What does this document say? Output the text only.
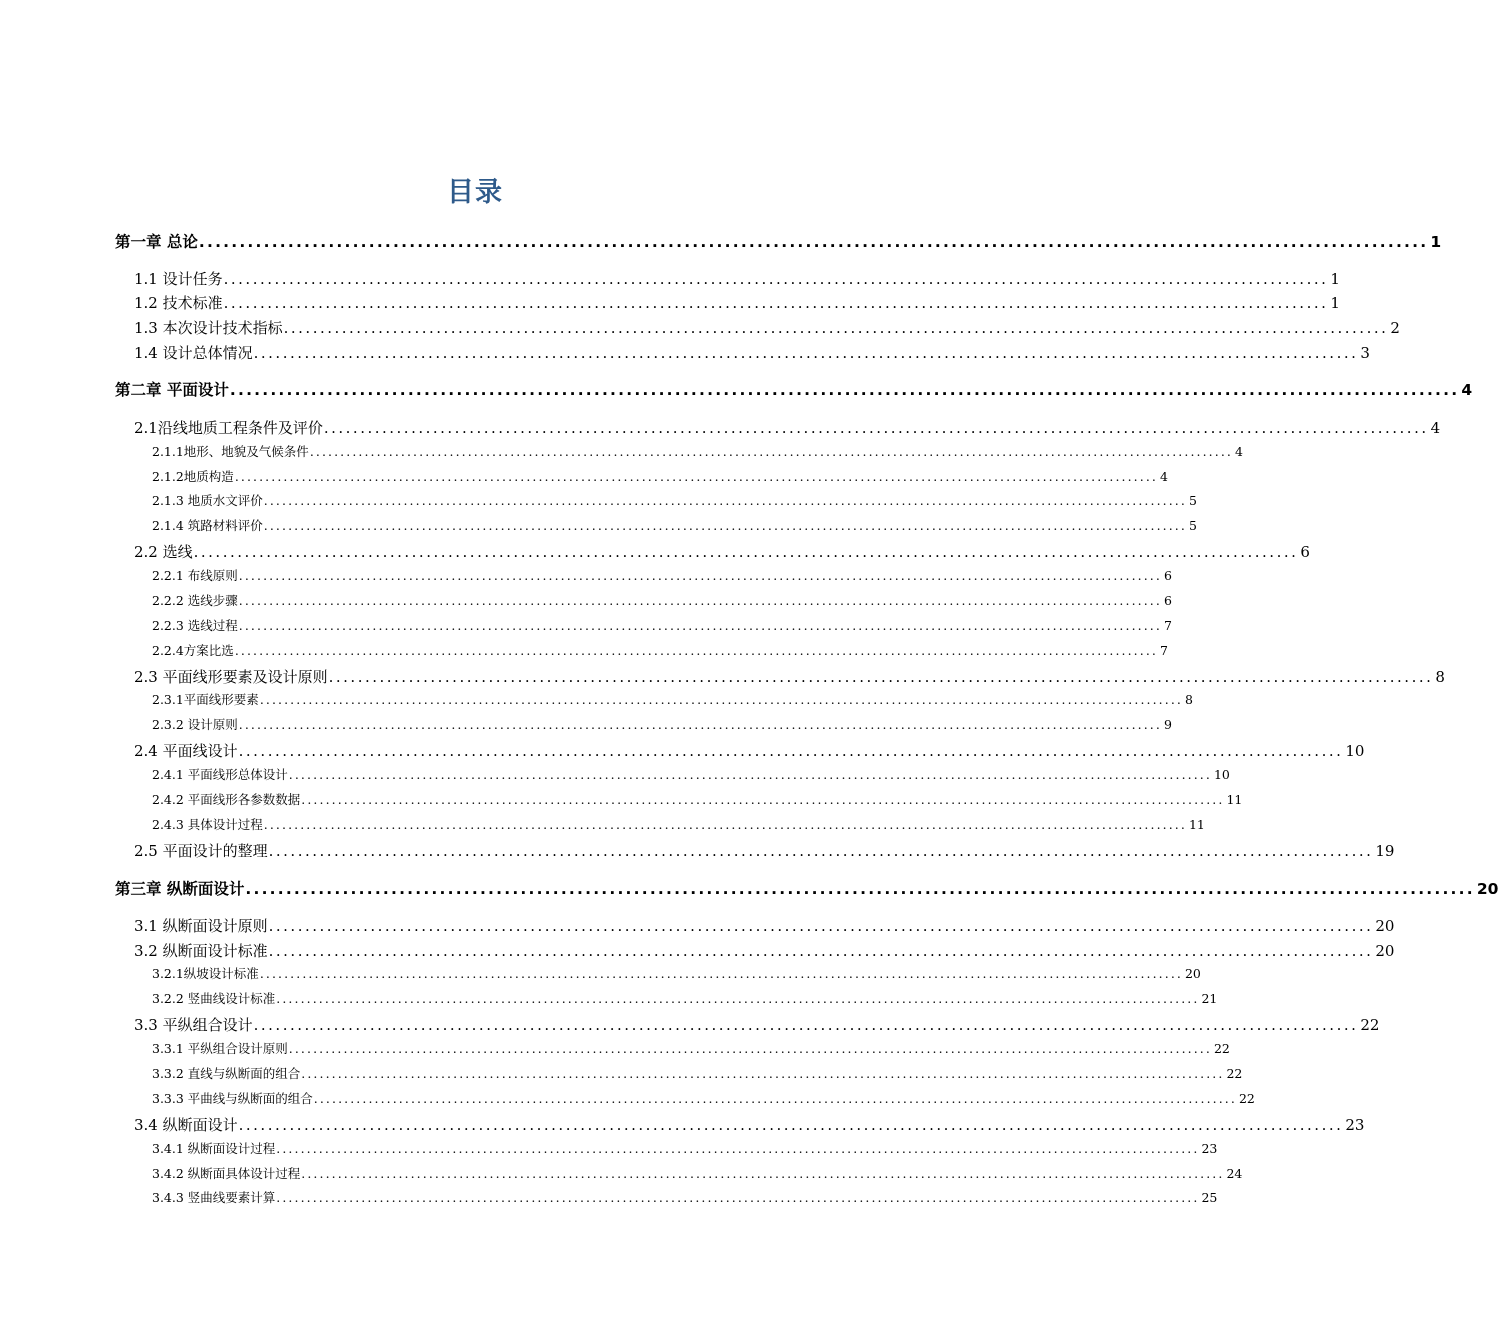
目录
第一章 总论 ........................................................................................................................................................ 1
1.1 设计任务 ........................................................................................................................................................ 1
1.2 技术标准 ........................................................................................................................................................ 1
1.3 本次设计技术指标 ........................................................................................................................................................ 2
1.4 设计总体情况 ........................................................................................................................................................ 3
第二章 平面设计 ........................................................................................................................................................ 4
2.1沿线地质工程条件及评价 ........................................................................................................................................................ 4
2.1.1地形、地貌及气候条件 ........................................................................................................................................................ 4
2.1.2地质构造 ........................................................................................................................................................ 4
2.1.3 地质水文评价 ........................................................................................................................................................ 5
2.1.4 筑路材料评价 ........................................................................................................................................................ 5
2.2 选线 ........................................................................................................................................................ 6
2.2.1 布线原则 ........................................................................................................................................................ 6
2.2.2 选线步骤 ........................................................................................................................................................ 6
2.2.3 选线过程 ........................................................................................................................................................ 7
2.2.4方案比选 ........................................................................................................................................................ 7
2.3 平面线形要素及设计原则 ........................................................................................................................................................ 8
2.3.1平面线形要素 ........................................................................................................................................................ 8
2.3.2 设计原则 ........................................................................................................................................................ 9
2.4 平面线设计 ........................................................................................................................................................ 10
2.4.1 平面线形总体设计 ........................................................................................................................................................ 10
2.4.2 平面线形各参数数据 ........................................................................................................................................................ 11
2.4.3 具体设计过程 ........................................................................................................................................................ 11
2.5 平面设计的整理 ........................................................................................................................................................ 19
第三章 纵断面设计 ........................................................................................................................................................ 20
3.1 纵断面设计原则 ........................................................................................................................................................ 20
3.2 纵断面设计标准 ........................................................................................................................................................ 20
3.2.1纵坡设计标准 ........................................................................................................................................................ 20
3.2.2 竖曲线设计标准 ........................................................................................................................................................ 21
3.3 平纵组合设计 ........................................................................................................................................................ 22
3.3.1 平纵组合设计原则 ........................................................................................................................................................ 22
3.3.2 直线与纵断面的组合 ........................................................................................................................................................ 22
3.3.3 平曲线与纵断面的组合 ........................................................................................................................................................ 22
3.4 纵断面设计 ........................................................................................................................................................ 23
3.4.1 纵断面设计过程 ........................................................................................................................................................ 23
3.4.2 纵断面具体设计过程 ........................................................................................................................................................ 24
3.4.3 竖曲线要素计算 ........................................................................................................................................................ 25
